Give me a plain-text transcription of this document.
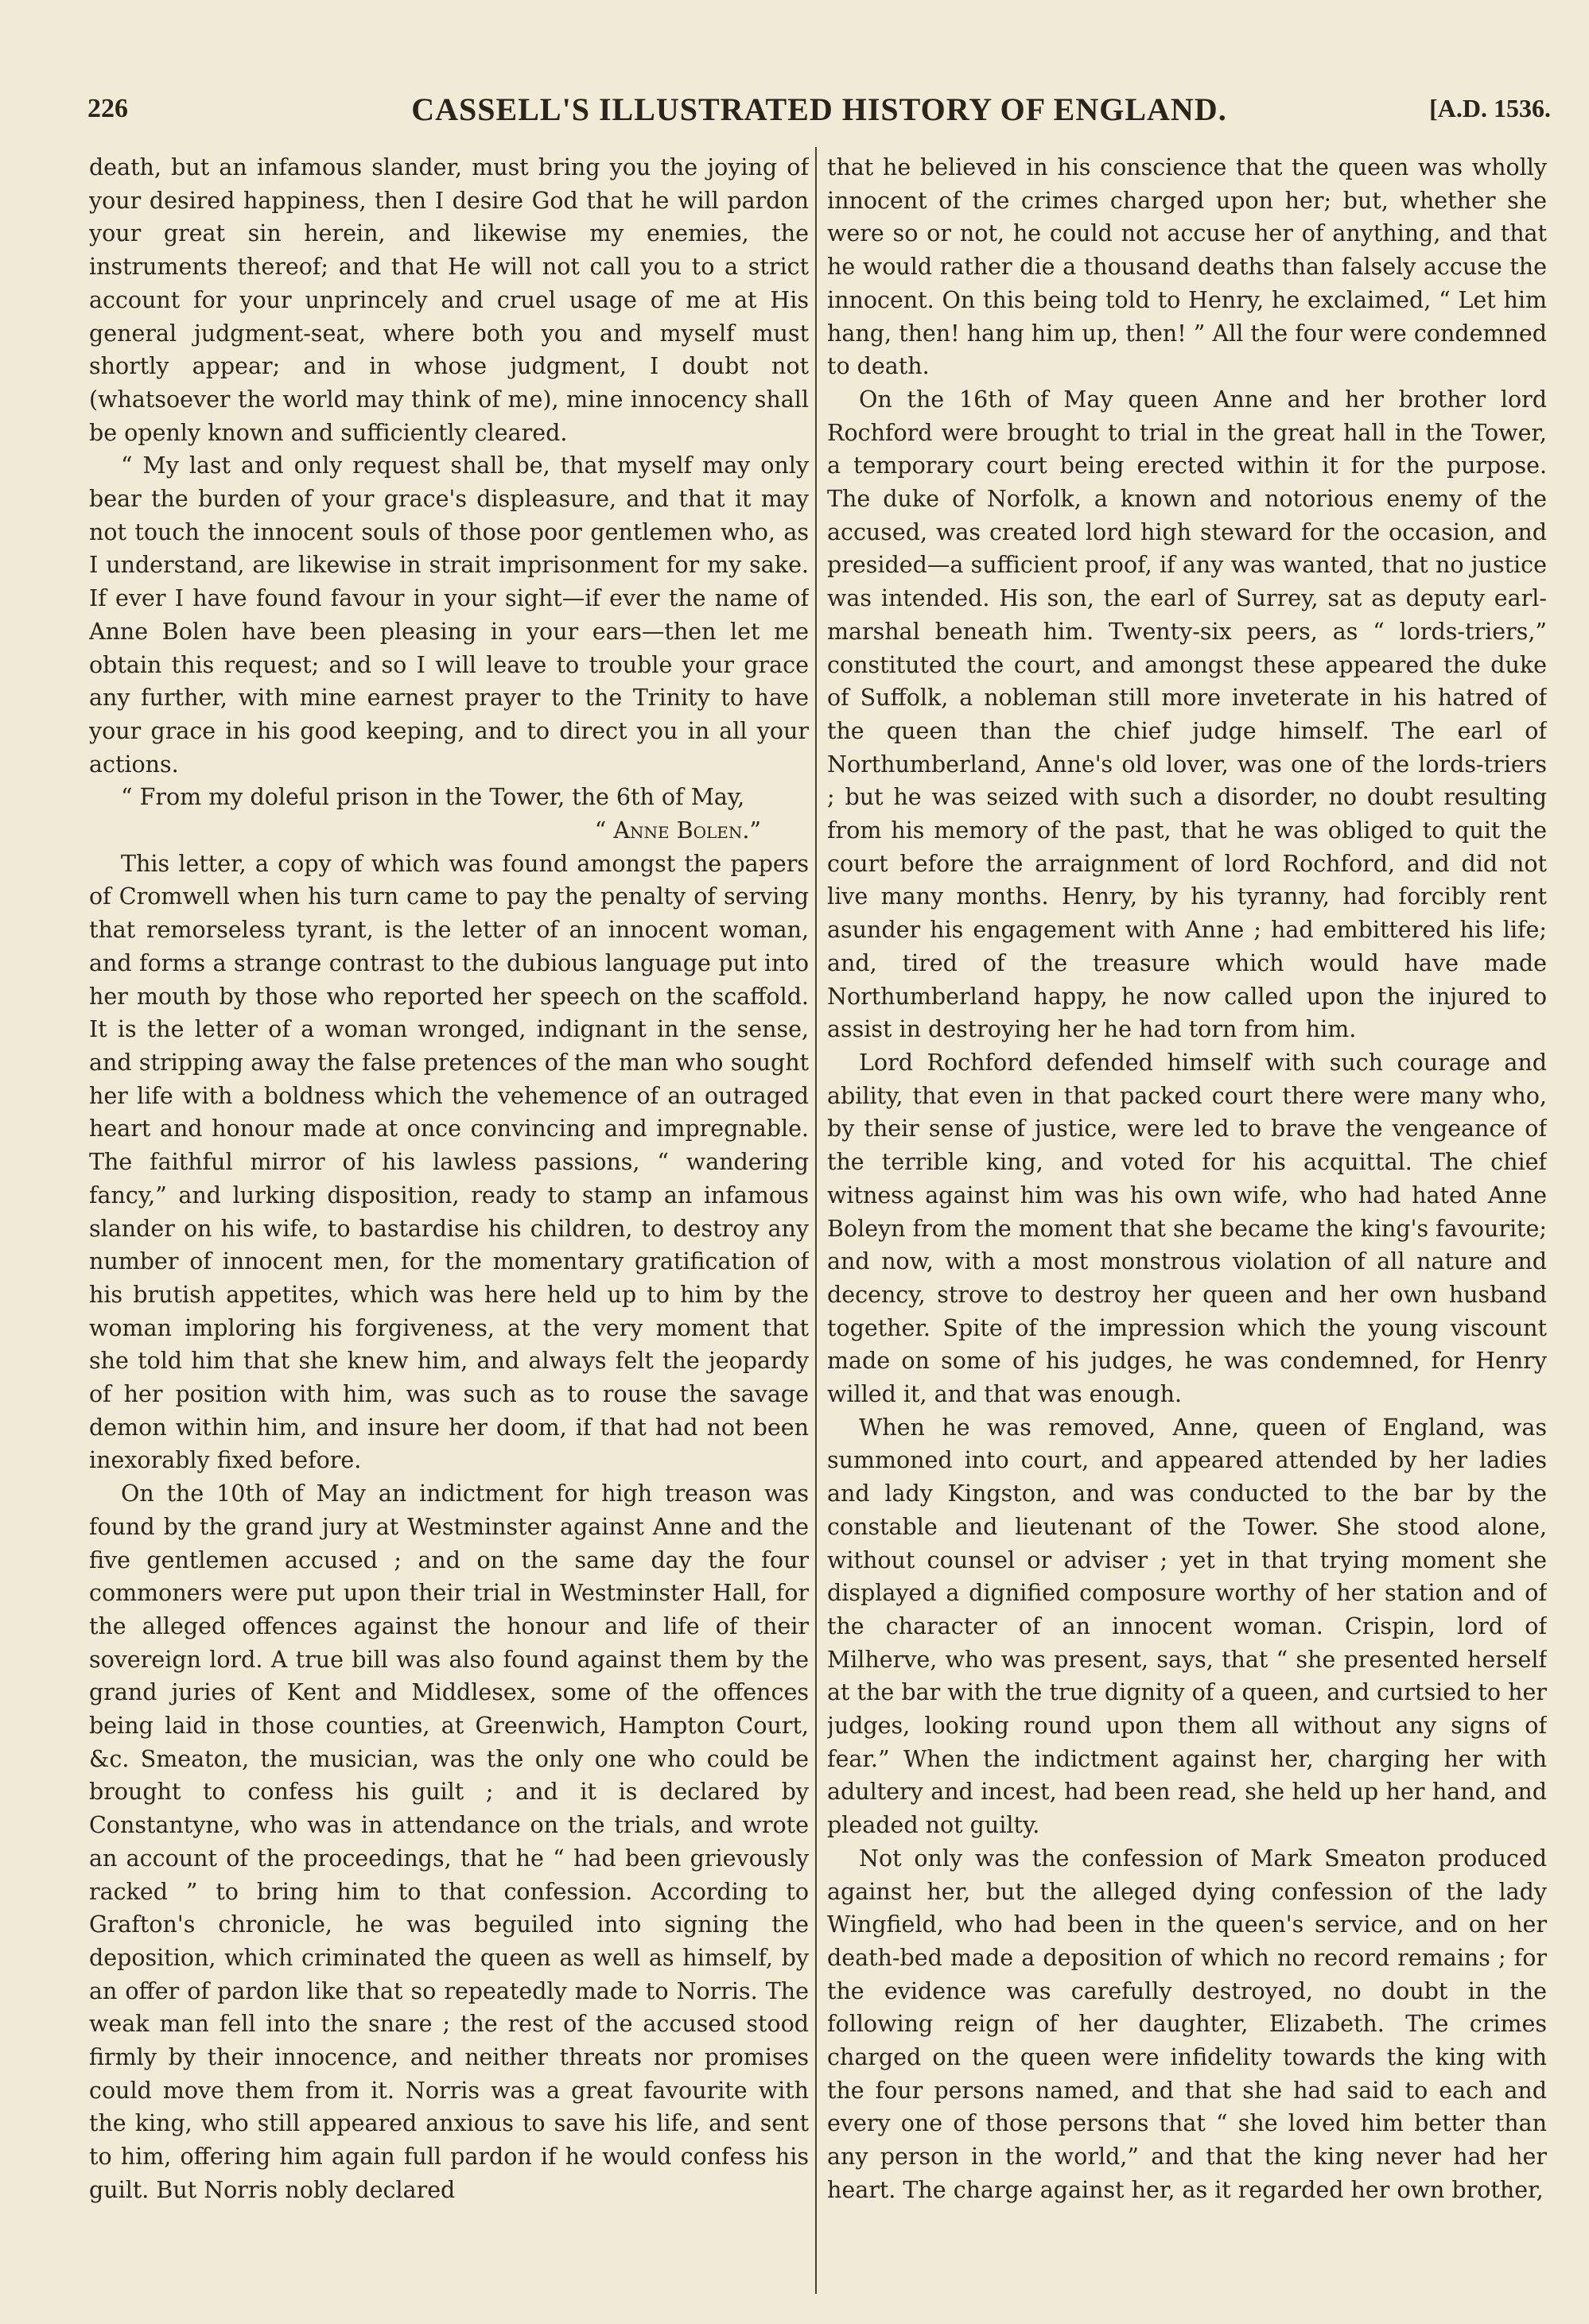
226	CASSELL'S ILLUSTRATED HISTORY OF ENGLAND.	[A.D. 1536.

death, but an infamous slander, must bring you the joying of your desired happiness, then I desire God that he will pardon your great sin herein, and likewise my enemies, the instruments thereof; and that He will not call you to a strict account for your unprincely and cruel usage of me at His general judgment-seat, where both you and myself must shortly appear; and in whose judgment, I doubt not (whatsoever the world may think of me), mine innocency shall be openly known and sufficiently cleared.

“ My last and only request shall be, that myself may only bear the burden of your grace's displeasure, and that it may not touch the innocent souls of those poor gentlemen who, as I understand, are likewise in strait imprisonment for my sake. If ever I have found favour in your sight—if ever the name of Anne Bolen have been pleasing in your ears—then let me obtain this request; and so I will leave to trouble your grace any further, with mine earnest prayer to the Trinity to have your grace in his good keeping, and to direct you in all your actions.

“ From my doleful prison in the Tower, the 6th of May,

“ Anne Bolen.”

This letter, a copy of which was found amongst the papers of Cromwell when his turn came to pay the penalty of serving that remorseless tyrant, is the letter of an innocent woman, and forms a strange contrast to the dubious language put into her mouth by those who reported her speech on the scaffold. It is the letter of a woman wronged, indignant in the sense, and stripping away the false pretences of the man who sought her life with a boldness which the vehemence of an outraged heart and honour made at once convincing and impregnable. The faithful mirror of his lawless passions, “ wandering fancy,” and lurking disposition, ready to stamp an infamous slander on his wife, to bastardise his children, to destroy any number of innocent men, for the momentary gratification of his brutish appetites, which was here held up to him by the woman imploring his forgiveness, at the very moment that she told him that she knew him, and always felt the jeopardy of her position with him, was such as to rouse the savage demon within him, and insure her doom, if that had not been inexorably fixed before.

On the 10th of May an indictment for high treason was found by the grand jury at Westminster against Anne and the five gentlemen accused ; and on the same day the four commoners were put upon their trial in Westminster Hall, for the alleged offences against the honour and life of their sovereign lord. A true bill was also found against them by the grand juries of Kent and Middlesex, some of the offences being laid in those counties, at Greenwich, Hampton Court, &c. Smeaton, the musician, was the only one who could be brought to confess his guilt ; and it is declared by Constantyne, who was in attendance on the trials, and wrote an account of the proceedings, that he “ had been grievously racked ” to bring him to that confession. According to Grafton's chronicle, he was beguiled into signing the deposition, which criminated the queen as well as himself, by an offer of pardon like that so repeatedly made to Norris. The weak man fell into the snare ; the rest of the accused stood firmly by their innocence, and neither threats nor promises could move them from it. Norris was a great favourite with the king, who still appeared anxious to save his life, and sent to him, offering him again full pardon if he would confess his guilt. But Norris nobly declared

that he believed in his conscience that the queen was wholly innocent of the crimes charged upon her; but, whether she were so or not, he could not accuse her of anything, and that he would rather die a thousand deaths than falsely accuse the innocent. On this being told to Henry, he exclaimed, “ Let him hang, then! hang him up, then! ” All the four were condemned to death.

On the 16th of May queen Anne and her brother lord Rochford were brought to trial in the great hall in the Tower, a temporary court being erected within it for the purpose. The duke of Norfolk, a known and notorious enemy of the accused, was created lord high steward for the occasion, and presided—a sufficient proof, if any was wanted, that no justice was intended. His son, the earl of Surrey, sat as deputy earl-marshal beneath him. Twenty-six peers, as “ lords-triers,” constituted the court, and amongst these appeared the duke of Suffolk, a nobleman still more inveterate in his hatred of the queen than the chief judge himself. The earl of Northumberland, Anne's old lover, was one of the lords-triers ; but he was seized with such a disorder, no doubt resulting from his memory of the past, that he was obliged to quit the court before the arraignment of lord Rochford, and did not live many months. Henry, by his tyranny, had forcibly rent asunder his engagement with Anne ; had embittered his life; and, tired of the treasure which would have made Northumberland happy, he now called upon the injured to assist in destroying her he had torn from him.

Lord Rochford defended himself with such courage and ability, that even in that packed court there were many who, by their sense of justice, were led to brave the vengeance of the terrible king, and voted for his acquittal. The chief witness against him was his own wife, who had hated Anne Boleyn from the moment that she became the king's favourite; and now, with a most monstrous violation of all nature and decency, strove to destroy her queen and her own husband together. Spite of the impression which the young viscount made on some of his judges, he was condemned, for Henry willed it, and that was enough.

When he was removed, Anne, queen of England, was summoned into court, and appeared attended by her ladies and lady Kingston, and was conducted to the bar by the constable and lieutenant of the Tower. She stood alone, without counsel or adviser ; yet in that trying moment she displayed a dignified composure worthy of her station and of the character of an innocent woman. Crispin, lord of Milherve, who was present, says, that “ she presented herself at the bar with the true dignity of a queen, and curtsied to her judges, looking round upon them all without any signs of fear.” When the indictment against her, charging her with adultery and incest, had been read, she held up her hand, and pleaded not guilty.

Not only was the confession of Mark Smeaton produced against her, but the alleged dying confession of the lady Wingfield, who had been in the queen's service, and on her death-bed made a deposition of which no record remains ; for the evidence was carefully destroyed, no doubt in the following reign of her daughter, Elizabeth. The crimes charged on the queen were infidelity towards the king with the four persons named, and that she had said to each and every one of those persons that “ she loved him better than any person in the world,” and that the king never had her heart. The charge against her, as it regarded her own brother,
